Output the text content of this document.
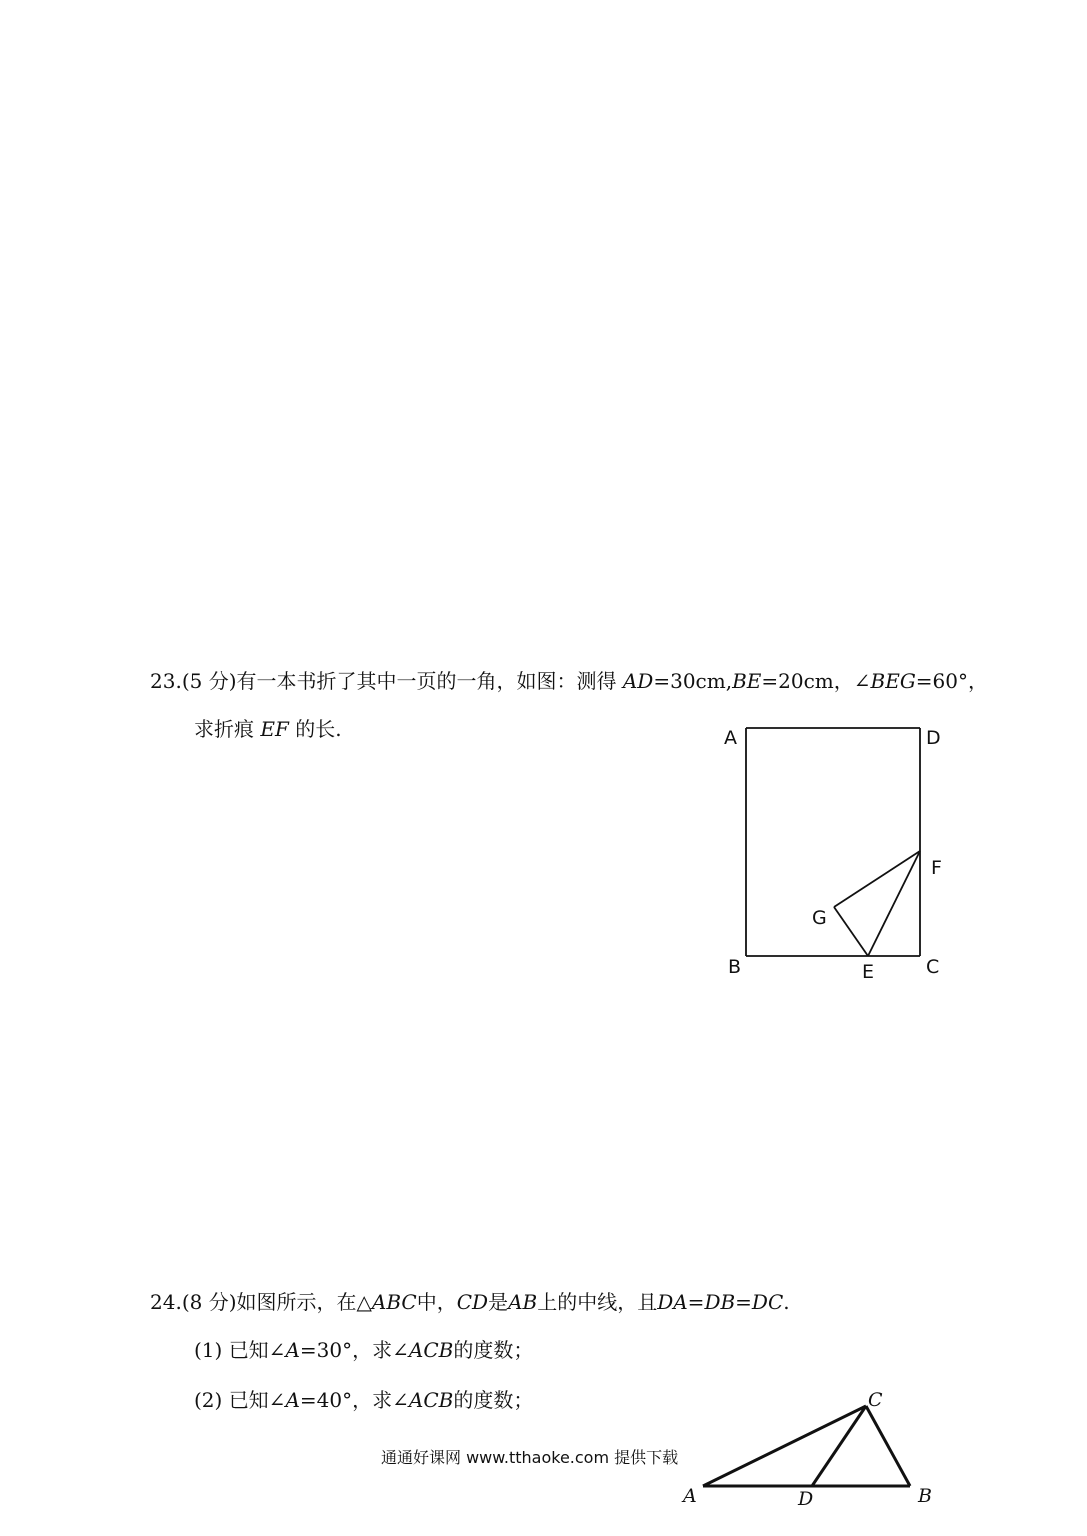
23.(5 分)有一本书折了其中一页的一角，如图：测得 AD=30cm,BE=20cm，∠BEG=60°，
求折痕 EF 的长.
24.(8 分)如图所示，在△ABC中，CD是AB上的中线，且DA=DB=DC.
(1) 已知∠A=30°，求∠ACB的度数；
(2) 已知∠A=40°，求∠ACB的度数；
通通好课网 www.tthaoke.com 提供下载
A	D
F
G
B	E	C
C
A	D	B
